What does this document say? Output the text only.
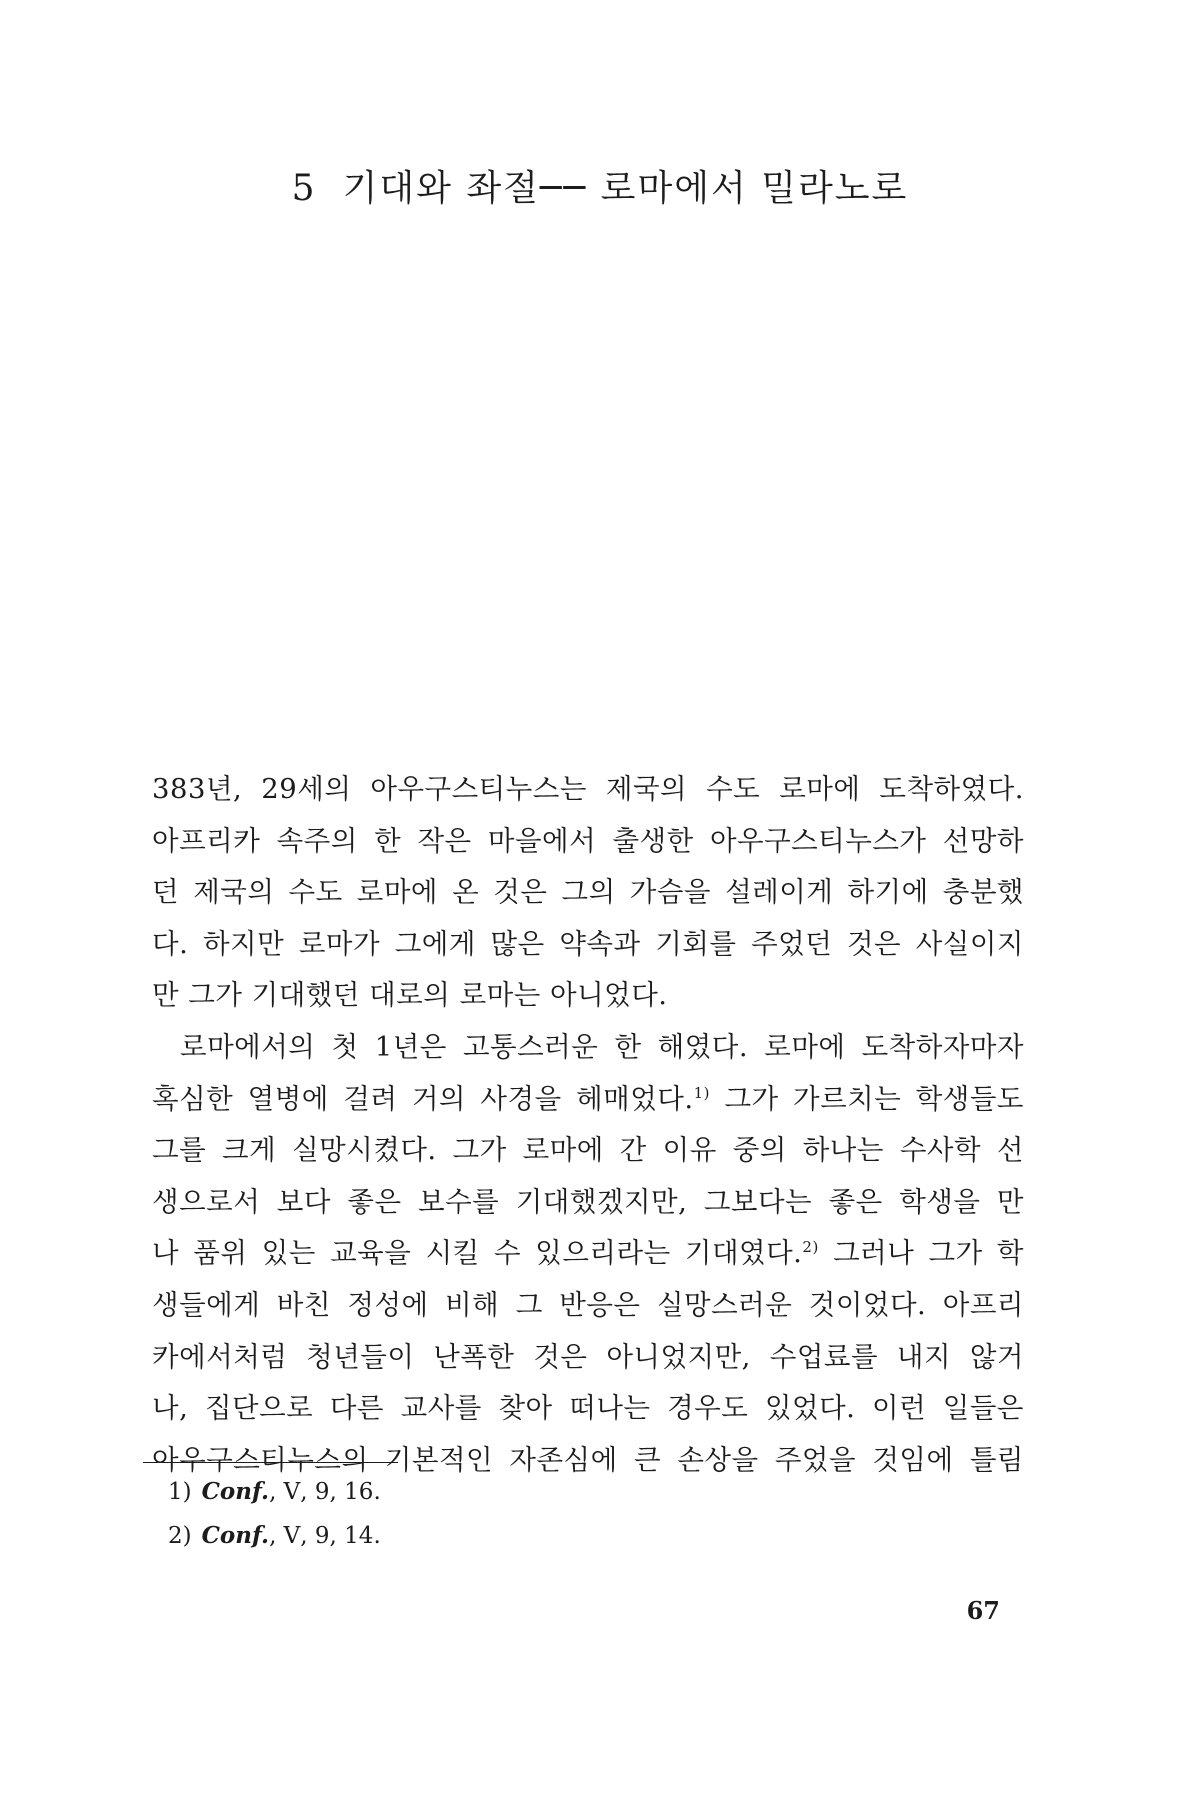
5 기대와 좌절── 로마에서 밀라노로

383년, 29세의 아우구스티누스는 제국의 수도 로마에 도착하였다.

아프리카 속주의 한 작은 마을에서 출생한 아우구스티누스가 선망하

던 제국의 수도 로마에 온 것은 그의 가슴을 설레이게 하기에 충분했

다. 하지만 로마가 그에게 많은 약속과 기회를 주었던 것은 사실이지

만 그가 기대했던 대로의 로마는 아니었다.

로마에서의 첫 1년은 고통스러운 한 해였다. 로마에 도착하자마자

혹심한 열병에 걸려 거의 사경을 헤매었다.$^{1)}$ 그가 가르치는 학생들도

그를 크게 실망시켰다. 그가 로마에 간 이유 중의 하나는 수사학 선

생으로서 보다 좋은 보수를 기대했겠지만, 그보다는 좋은 학생을 만

나 품위 있는 교육을 시킬 수 있으리라는 기대였다.$^{2)}$ 그러나 그가 학

생들에게 바친 정성에 비해 그 반응은 실망스러운 것이었다. 아프리

카에서처럼 청년들이 난폭한 것은 아니었지만, 수업료를 내지 않거

나, 집단으로 다른 교사를 찾아 떠나는 경우도 있었다. 이런 일들은

아우구스티누스의 기본적인 자존심에 큰 손상을 주었을 것임에 틀림

1) Conf., Ⅴ, 9, 16.
2) Conf., Ⅴ, 9, 14.
67
